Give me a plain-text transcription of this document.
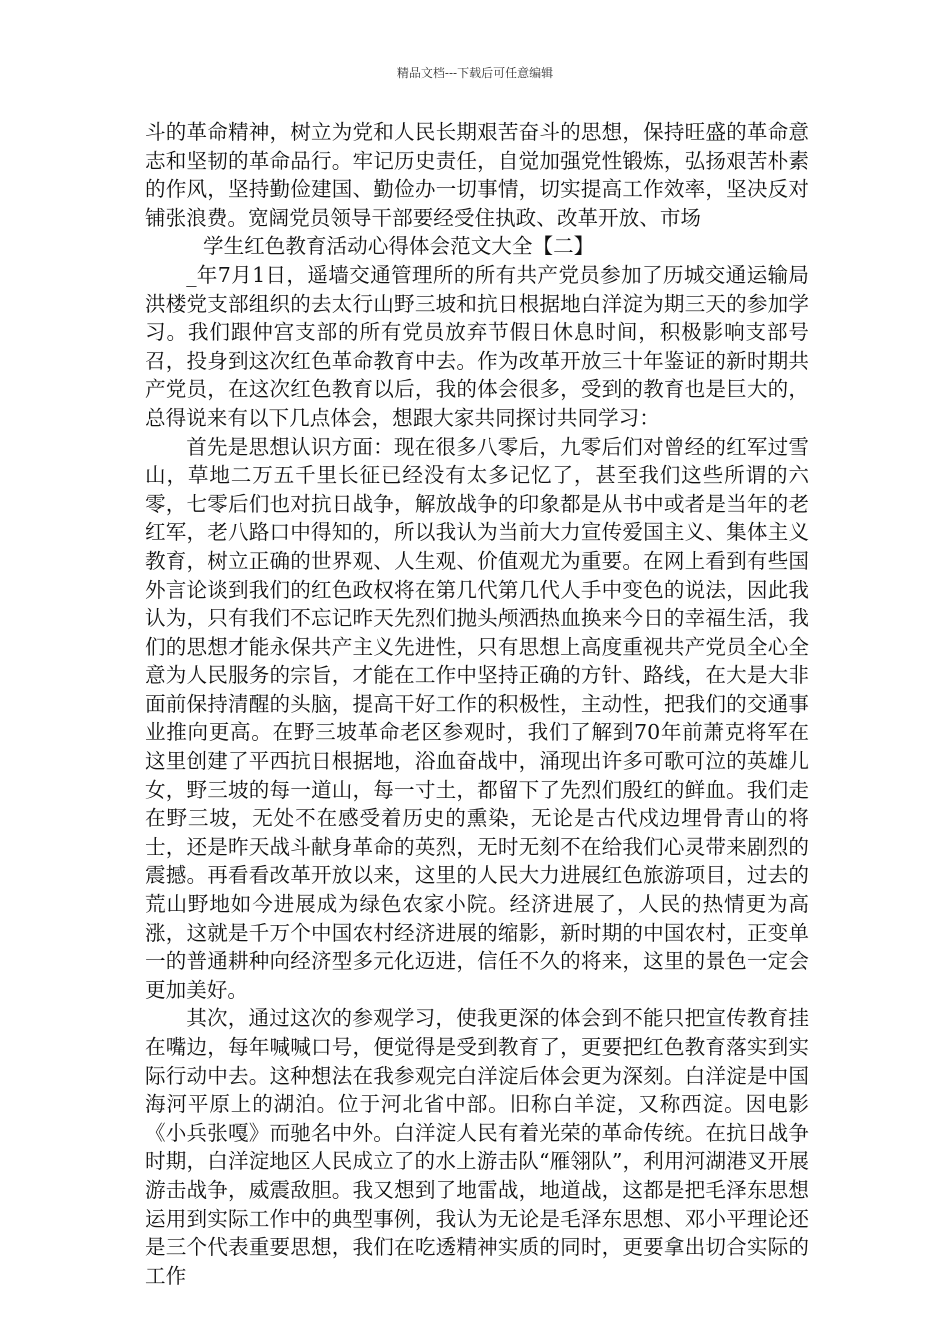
精品文档---下载后可任意编辑

斗的革命精神，树立为党和人民长期艰苦奋斗的思想，保持旺盛的革命意志和坚韧的革命品行。牢记历史责任，自觉加强党性锻炼，弘扬艰苦朴素的作风，坚持勤俭建国、勤俭办一切事情，切实提高工作效率，坚决反对铺张浪费。宽阔党员领导干部要经受住执政、改革开放、市场

学生红色教育活动心得体会范文大全【二】

_年7月1日，遥墙交通管理所的所有共产党员参加了历城交通运输局洪楼党支部组织的去太行山野三坡和抗日根据地白洋淀为期三天的参加学习。我们跟仲宫支部的所有党员放弃节假日休息时间，积极影响支部号召，投身到这次红色革命教育中去。作为改革开放三十年鉴证的新时期共产党员，在这次红色教育以后，我的体会很多，受到的教育也是巨大的，总得说来有以下几点体会，想跟大家共同探讨共同学习：

首先是思想认识方面：现在很多八零后，九零后们对曾经的红军过雪山，草地二万五千里长征已经没有太多记忆了，甚至我们这些所谓的六零，七零后们也对抗日战争，解放战争的印象都是从书中或者是当年的老红军，老八路口中得知的，所以我认为当前大力宣传爱国主义、集体主义教育，树立正确的世界观、人生观、价值观尤为重要。在网上看到有些国外言论谈到我们的红色政权将在第几代第几代人手中变色的说法，因此我认为，只有我们不忘记昨天先烈们抛头颅洒热血换来今日的幸福生活，我们的思想才能永保共产主义先进性，只有思想上高度重视共产党员全心全意为人民服务的宗旨，才能在工作中坚持正确的方针、路线，在大是大非面前保持清醒的头脑，提高干好工作的积极性，主动性，把我们的交通事业推向更高。在野三坡革命老区参观时，我们了解到70年前萧克将军在这里创建了平西抗日根据地，浴血奋战中，涌现出许多可歌可泣的英雄儿女，野三坡的每一道山，每一寸土，都留下了先烈们殷红的鲜血。我们走在野三坡，无处不在感受着历史的熏染，无论是古代戍边埋骨青山的将士，还是昨天战斗献身革命的英烈，无时无刻不在给我们心灵带来剧烈的震撼。再看看改革开放以来，这里的人民大力进展红色旅游项目，过去的荒山野地如今进展成为绿色农家小院。经济进展了，人民的热情更为高涨，这就是千万个中国农村经济进展的缩影，新时期的中国农村，正变单一的普通耕种向经济型多元化迈进，信任不久的将来，这里的景色一定会更加美好。

其次，通过这次的参观学习，使我更深的体会到不能只把宣传教育挂在嘴边，每年喊喊口号，便觉得是受到教育了，更要把红色教育落实到实际行动中去。这种想法在我参观完白洋淀后体会更为深刻。白洋淀是中国海河平原上的湖泊。位于河北省中部。旧称白羊淀，又称西淀。因电影《小兵张嘎》而驰名中外。白洋淀人民有着光荣的革命传统。在抗日战争时期，白洋淀地区人民成立了的水上游击队“雁翎队”，利用河湖港叉开展游击战争，威震敌胆。我又想到了地雷战，地道战，这都是把毛泽东思想运用到实际工作中的典型事例，我认为无论是毛泽东思想、邓小平理论还是三个代表重要思想，我们在吃透精神实质的同时，更要拿出切合实际的工作
